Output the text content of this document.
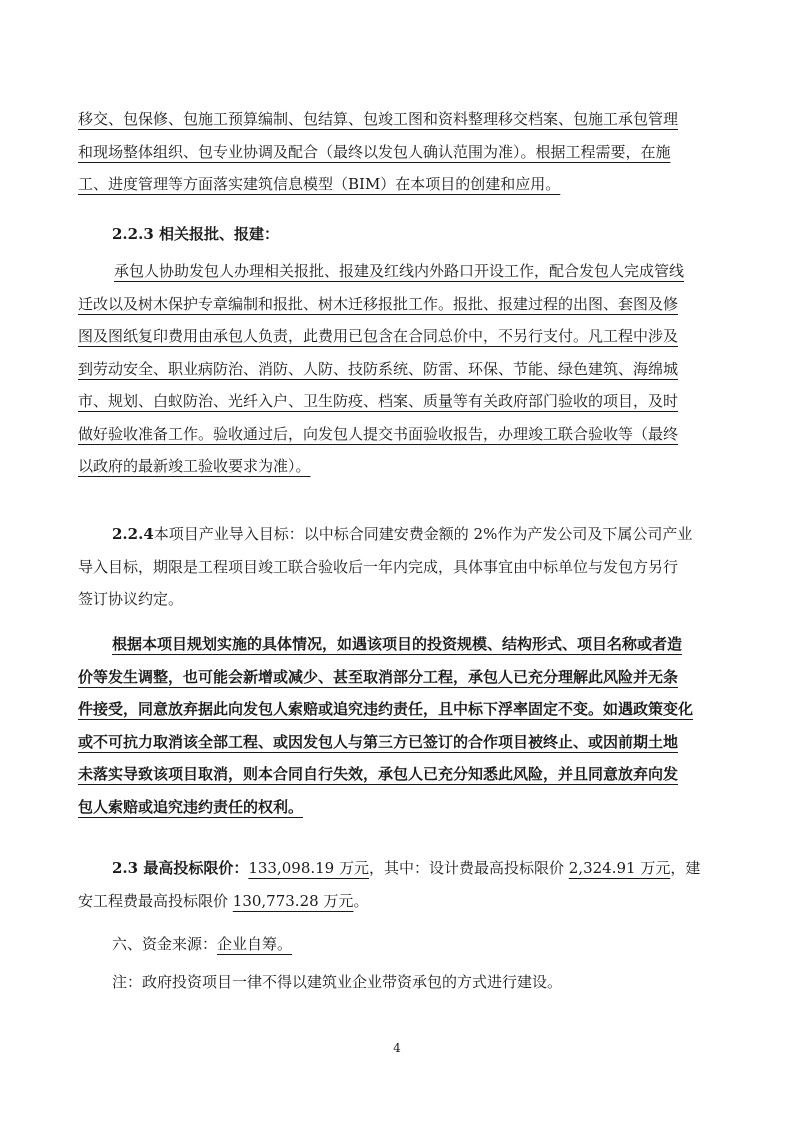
移交、包保修、包施工预算编制、包结算、包竣工图和资料整理移交档案、包施工承包管理
和现场整体组织、包专业协调及配合（最终以发包人确认范围为准）。根据工程需要，在施
工、进度管理等方面落实建筑信息模型（BIM）在本项目的创建和应用。
2.2.3 相关报批、报建：
承包人协助发包人办理相关报批、报建及红线内外路口开设工作，配合发包人完成管线
迁改以及树木保护专章编制和报批、树木迁移报批工作。报批、报建过程的出图、套图及修
图及图纸复印费用由承包人负责，此费用已包含在合同总价中，不另行支付。凡工程中涉及
到劳动安全、职业病防治、消防、人防、技防系统、防雷、环保、节能、绿色建筑、海绵城
市、规划、白蚁防治、光纤入户、卫生防疫、档案、质量等有关政府部门验收的项目，及时
做好验收准备工作。验收通过后，向发包人提交书面验收报告，办理竣工联合验收等（最终
以政府的最新竣工验收要求为准）。
2.2.4本项目产业导入目标：以中标合同建安费金额的 2%作为产发公司及下属公司产业
导入目标，期限是工程项目竣工联合验收后一年内完成，具体事宜由中标单位与发包方另行
签订协议约定。
根据本项目规划实施的具体情况，如遇该项目的投资规模、结构形式、项目名称或者造
价等发生调整，也可能会新增或减少、甚至取消部分工程，承包人已充分理解此风险并无条
件接受，同意放弃据此向发包人索赔或追究违约责任，且中标下浮率固定不变。如遇政策变化
或不可抗力取消该全部工程、或因发包人与第三方已签订的合作项目被终止、或因前期土地
未落实导致该项目取消，则本合同自行失效，承包人已充分知悉此风险，并且同意放弃向发
包人索赔或追究违约责任的权利。
2.3 最高投标限价：133,098.19 万元，其中：设计费最高投标限价 2,324.91 万元，建
安工程费最高投标限价 130,773.28 万元。
六、资金来源：企业自筹。
注：政府投资项目一律不得以建筑业企业带资承包的方式进行建设。
4
